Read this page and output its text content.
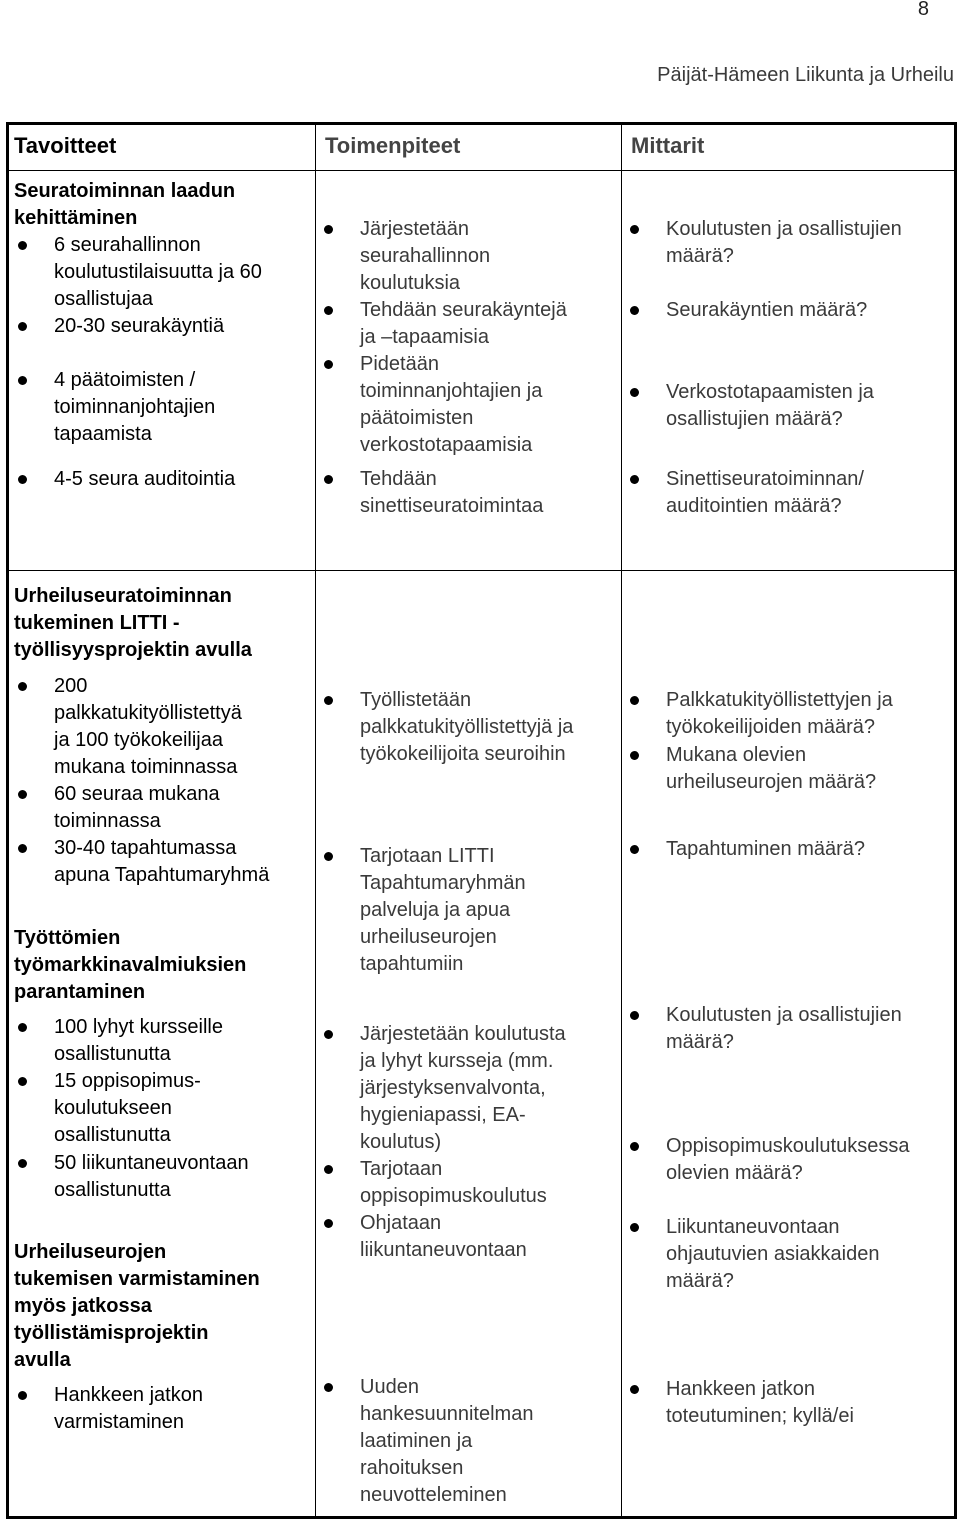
8
Päijät-Hämeen Liikunta ja Urheilu
Tavoitteet	Toimenpiteet	Mittarit
Seuratoiminnan laadun
kehittäminen
6 seurahallinnon
koulutustilaisuutta ja 60
osallistujaa
20-30 seurakäyntiä
4 päätoimisten /
toiminnanjohtajien
tapaamista
4-5 seura auditointia
Järjestetään
seurahallinnon
koulutuksia
Tehdään seurakäyntejä
ja –tapaamisia
Pidetään
toiminnanjohtajien ja
päätoimisten
verkostotapaamisia
Tehdään
sinettiseuratoimintaa
Koulutusten ja osallistujien
määrä?
Seurakäyntien määrä?
Verkostotapaamisten ja
osallistujien määrä?
Sinettiseuratoiminnan/
auditointien määrä?
Urheiluseuratoiminnan
tukeminen LITTI -
työllisyysprojektin avulla
200
palkkatukityöllistettyä
ja 100 työkokeilijaa
mukana toiminnassa
60 seuraa mukana
toiminnassa
30-40 tapahtumassa
apuna Tapahtumaryhmä
Työttömien
työmarkkinavalmiuksien
parantaminen
100 lyhyt kursseille
osallistunutta
15 oppisopimus-
koulutukseen
osallistunutta
50 liikuntaneuvontaan
osallistunutta
Urheiluseurojen
tukemisen varmistaminen
myös jatkossa
työllistämisprojektin
avulla
Hankkeen jatkon
varmistaminen
Työllistetään
palkkatukityöllistettyjä ja
työkokeilijoita seuroihin
Tarjotaan LITTI
Tapahtumaryhmän
palveluja ja apua
urheiluseurojen
tapahtumiin
Järjestetään koulutusta
ja lyhyt kursseja (mm.
järjestyksenvalvonta,
hygieniapassi, EA-
koulutus)
Tarjotaan
oppisopimuskoulutus
Ohjataan
liikuntaneuvontaan
Uuden
hankesuunnitelman
laatiminen ja
rahoituksen
neuvotteleminen
Palkkatukityöllistettyjen ja
työkokeilijoiden määrä?
Mukana olevien
urheiluseurojen määrä?
Tapahtuminen määrä?
Koulutusten ja osallistujien
määrä?
Oppisopimuskoulutuksessa
olevien määrä?
Liikuntaneuvontaan
ohjautuvien asiakkaiden
määrä?
Hankkeen jatkon
toteutuminen; kyllä/ei
